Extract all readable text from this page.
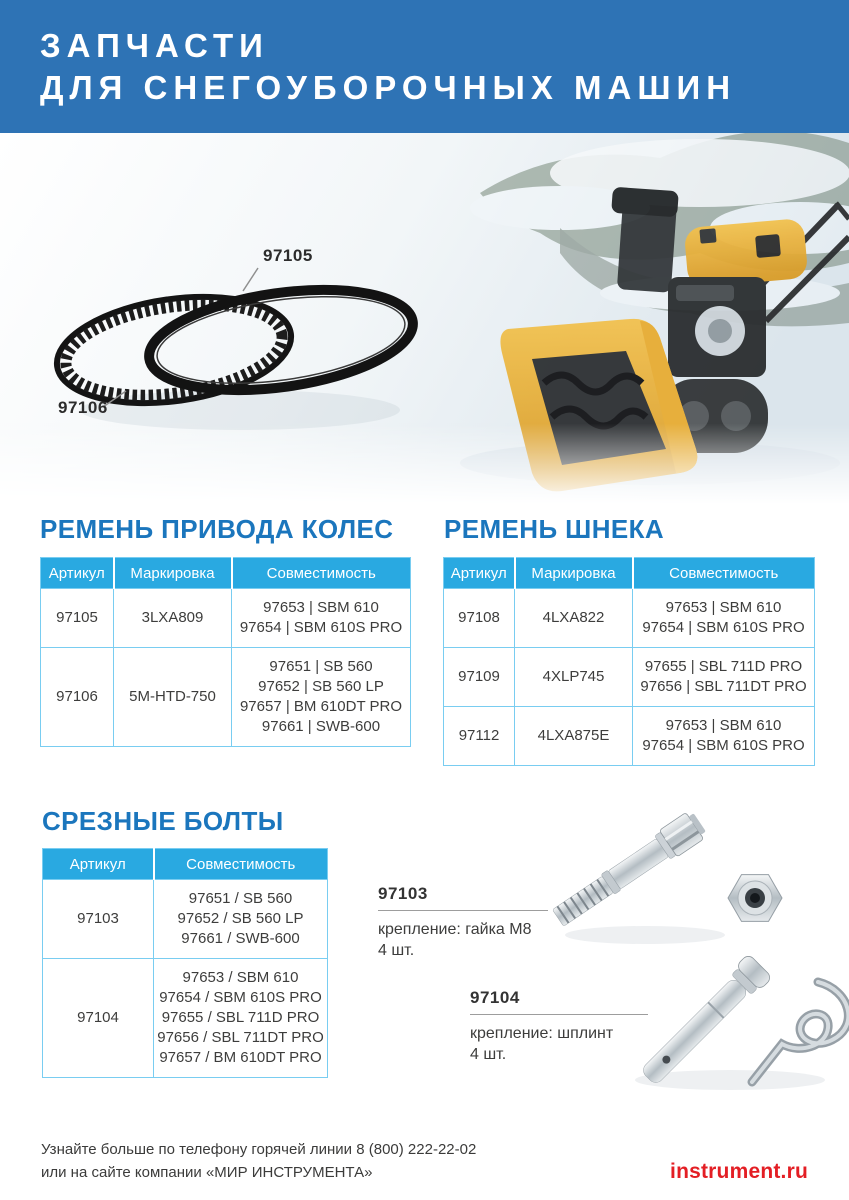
ЗАПЧАСТИ
ДЛЯ СНЕГОУБОРОЧНЫХ МАШИН
97105
97106
РЕМЕНЬ ПРИВОДА КОЛЕС
Артикул	Маркировка	Совместимость
97105	3LXA809	97653 | SBM 610
97654 | SBM 610S PRO

97106	5M-HTD-750	97651 | SB 560
97652 | SB 560 LP
97657 | BM 610DT PRO
97661 | SWB-600
РЕМЕНЬ ШНЕКА
Артикул	Маркировка	Совместимость
97108	4LXA822	97653 | SBM 610
97654 | SBM 610S PRO

97109	4XLP745	97655 | SBL 711D PRO
97656 | SBL 711DT PRO

97112	4LXA875E	97653 | SBM 610
97654 | SBM 610S PRO
СРЕЗНЫЕ БОЛТЫ
Артикул	Совместимость
97103	97651 / SB 560
97652 / SB 560 LP
97661 / SWB-600

97104	97653 / SBM 610
97654 / SBM 610S PRO
97655 / SBL 711D PRO
97656 / SBL 711DT PRO
97657 / BM 610DT PRO
97103
крепление: гайка М8
4 шт.
97104
крепление: шплинт
4 шт.
Узнайте больше по телефону горячей линии 8 (800) 222-22-02
или на сайте компании «МИР ИНСТРУМЕНТА»	instrument.ru
